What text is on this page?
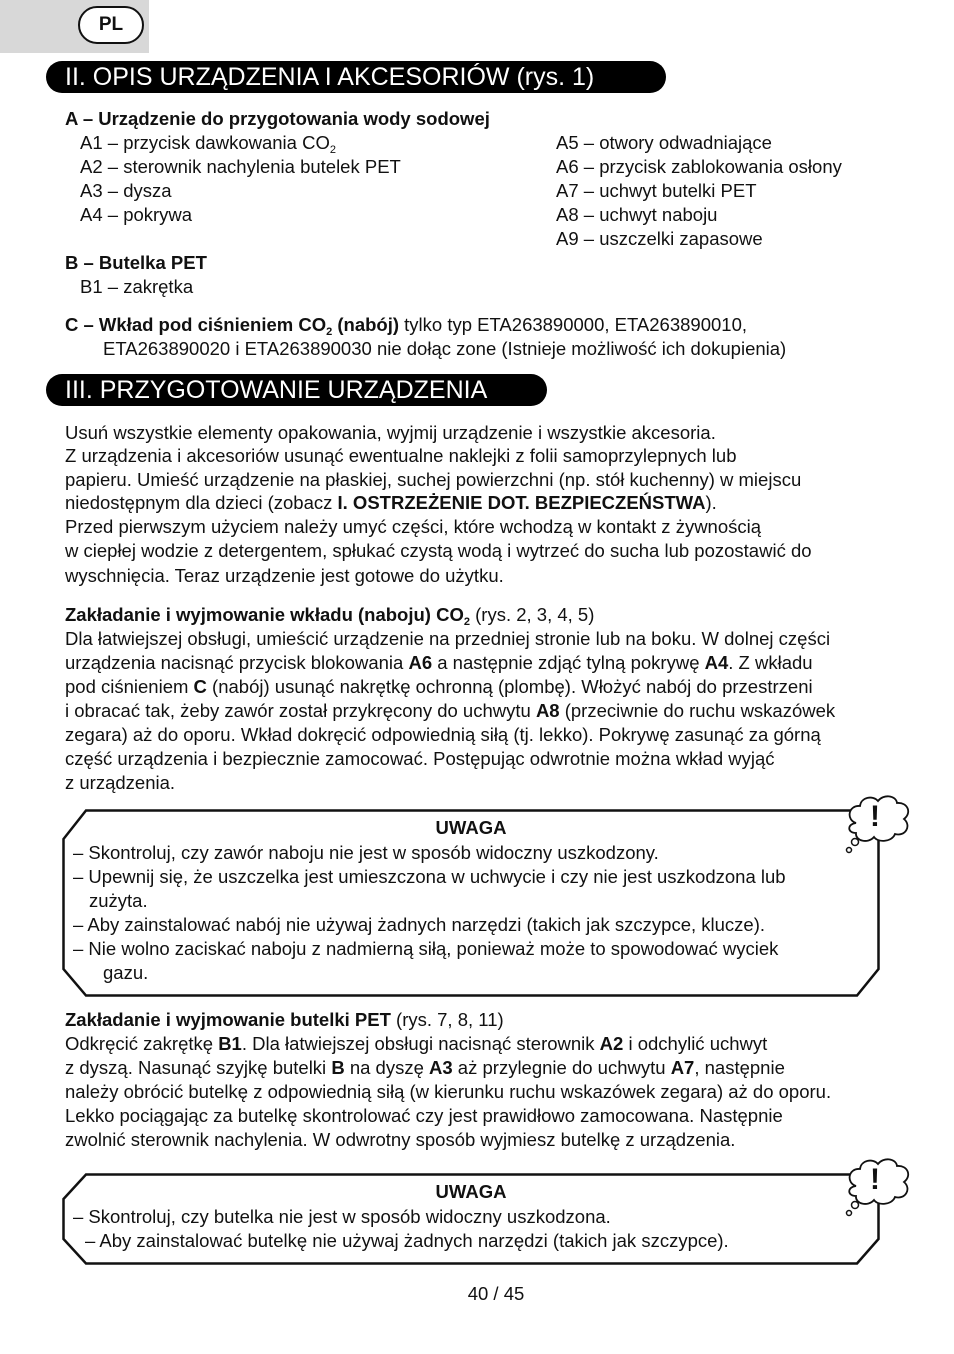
PL
II. OPIS URZĄDZENIA I AKCESORIÓW (rys. 1)
A – Urządzenie do przygotowania wody sodowej
A1 – przycisk dawkowania $CO_2$
A2 – sterownik nachylenia butelek PET
A3 – dysza
A4 – pokrywa
A5 – otwory odwadniające
A6 – przycisk zablokowania osłony
A7 – uchwyt butelki PET
A8 – uchwyt naboju
A9 – uszczelki zapasowe
B – Butelka PET
B1 – zakrętka
C – Wkład pod ciśnieniem $CO_2$ (nabój) tylko typ ETA263890000, ETA263890010,
ETA263890020 i ETA263890030 nie dołąc zone (Istnieje możliwość ich dokupienia)
III. PRZYGOTOWANIE URZĄDZENIA
Usuń wszystkie elementy opakowania, wyjmij urządzenie i wszystkie akcesoria.
Z urządzenia i akcesoriów usunąć ewentualne naklejki z folii samoprzylepnych lub
papieru. Umieść urządzenie na płaskiej, suchej powierzchni (np. stół kuchenny) w miejscu
niedostępnym dla dzieci (zobacz I. OSTRZEŻENIE DOT. BEZPIECZEŃSTWA).
Przed pierwszym użyciem należy umyć części, które wchodzą w kontakt z żywnością
w ciepłej wodzie z detergentem, spłukać czystą wodą i wytrzeć do sucha lub pozostawić do
wyschnięcia. Teraz urządzenie jest gotowe do użytku.
Zakładanie i wyjmowanie wkładu (naboju) $CO_2$ (rys. 2, 3, 4, 5)
Dla łatwiejszej obsługi, umieścić urządzenie na przedniej stronie lub na boku. W dolnej części
urządzenia nacisnąć przycisk blokowania A6 a następnie zdjąć tylną pokrywę A4. Z wkładu
pod ciśnieniem C (nabój) usunąć nakrętkę ochronną (plombę). Włożyć nabój do przestrzeni
i obracać tak, żeby zawór został przykręcony do uchwytu A8 (przeciwnie do ruchu wskazówek
zegara) aż do oporu. Wkład dokręcić odpowiednią siłą (tj. lekko). Pokrywę zasunąć za górną
część urządzenia i bezpiecznie zamocować. Postępując odwrotnie można wkład wyjąć
z urządzenia.
UWAGA
– Skontroluj, czy zawór naboju nie jest w sposób widoczny uszkodzony.
– Upewnij się, że uszczelka jest umieszczona w uchwycie i czy nie jest uszkodzona lub
zużyta.
– Aby zainstalować nabój nie używaj żadnych narzędzi (takich jak szczypce, klucze).
– Nie wolno zaciskać naboju z nadmierną siłą, ponieważ może to spowodować wyciek
gazu.
!
Zakładanie i wyjmowanie butelki PET (rys. 7, 8, 11)
Odkręcić zakrętkę B1. Dla łatwiejszej obsługi nacisnąć sterownik A2 i odchylić uchwyt
z dyszą. Nasunąć szyjkę butelki B na dyszę A3 aż przylegnie do uchwytu A7, następnie
należy obrócić butelkę z odpowiednią siłą (w kierunku ruchu wskazówek zegara) aż do oporu.
Lekko pociągając za butelkę skontrolować czy jest prawidłowo zamocowana. Następnie
zwolnić sterownik nachylenia. W odwrotny sposób wyjmiesz butelkę z urządzenia.
UWAGA
– Skontroluj, czy butelka nie jest w sposób widoczny uszkodzona.
– Aby zainstalować butelkę nie używaj żadnych narzędzi (takich jak szczypce).
!
40 / 45
